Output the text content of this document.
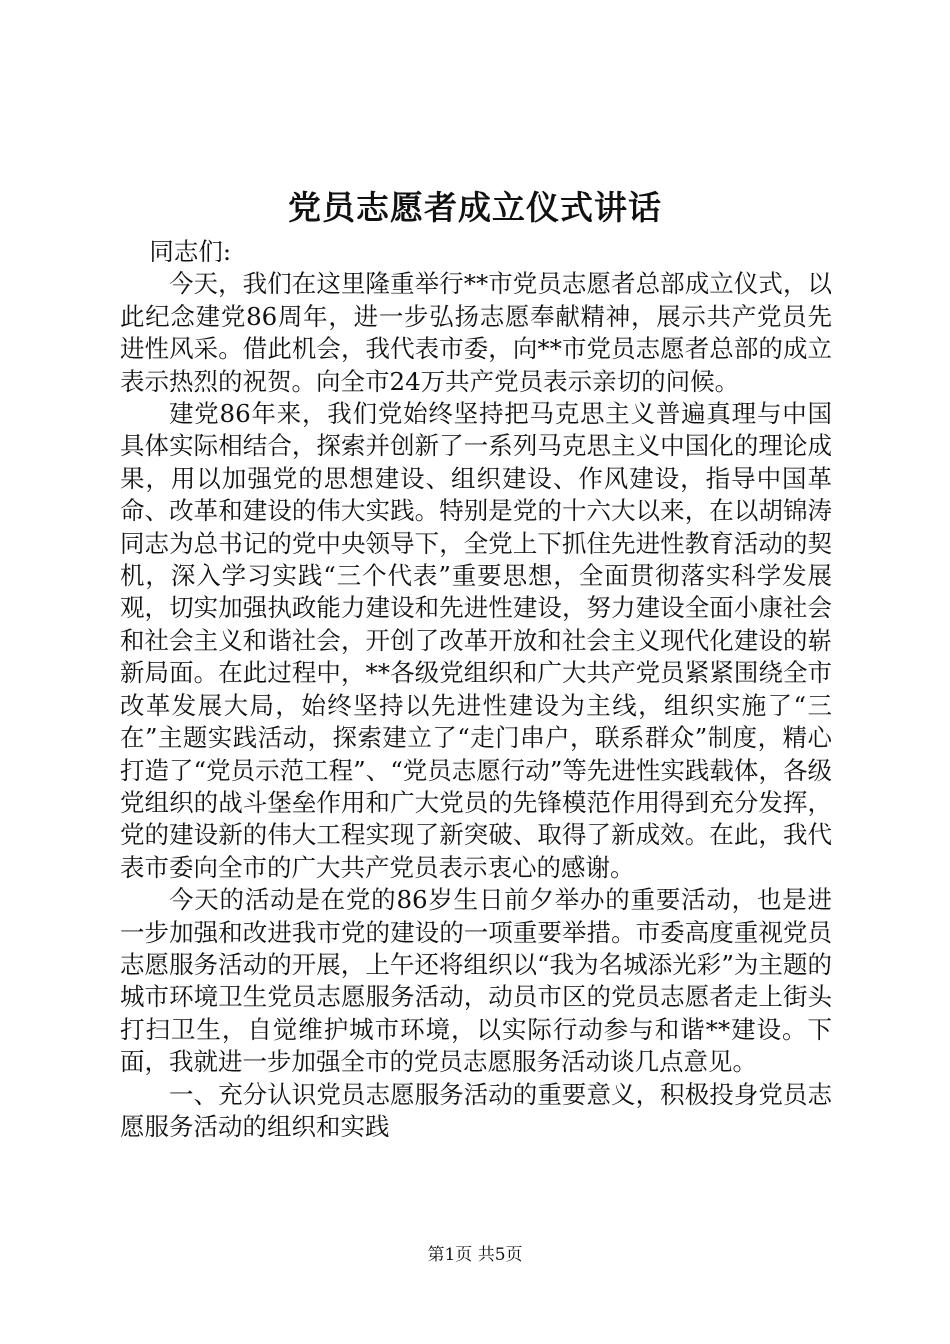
党员志愿者成立仪式讲话

同志们:

今天，我们在这里隆重举行**市党员志愿者总部成立仪式，以此纪念建党86周年，进一步弘扬志愿奉献精神，展示共产党员先进性风采。借此机会，我代表市委，向**市党员志愿者总部的成立表示热烈的祝贺。向全市24万共产党员表示亲切的问候。

建党86年来，我们党始终坚持把马克思主义普遍真理与中国具体实际相结合，探索并创新了一系列马克思主义中国化的理论成果，用以加强党的思想建设、组织建设、作风建设，指导中国革命、改革和建设的伟大实践。特别是党的十六大以来，在以胡锦涛同志为总书记的党中央领导下，全党上下抓住先进性教育活动的契机，深入学习实践“三个代表”重要思想，全面贯彻落实科学发展观，切实加强执政能力建设和先进性建设，努力建设全面小康社会和社会主义和谐社会，开创了改革开放和社会主义现代化建设的崭新局面。在此过程中，**各级党组织和广大共产党员紧紧围绕全市改革发展大局，始终坚持以先进性建设为主线，组织实施了“三在”主题实践活动，探索建立了“走门串户，联系群众”制度，精心打造了“党员示范工程”、“党员志愿行动”等先进性实践载体，各级党组织的战斗堡垒作用和广大党员的先锋模范作用得到充分发挥，党的建设新的伟大工程实现了新突破、取得了新成效。在此，我代表市委向全市的广大共产党员表示衷心的感谢。

今天的活动是在党的86岁生日前夕举办的重要活动，也是进一步加强和改进我市党的建设的一项重要举措。市委高度重视党员志愿服务活动的开展，上午还将组织以“我为名城添光彩”为主题的城市环境卫生党员志愿服务活动，动员市区的党员志愿者走上街头打扫卫生，自觉维护城市环境，以实际行动参与和谐**建设。下面，我就进一步加强全市的党员志愿服务活动谈几点意见。

一、充分认识党员志愿服务活动的重要意义，积极投身党员志愿服务活动的组织和实践

第1页 共5页
